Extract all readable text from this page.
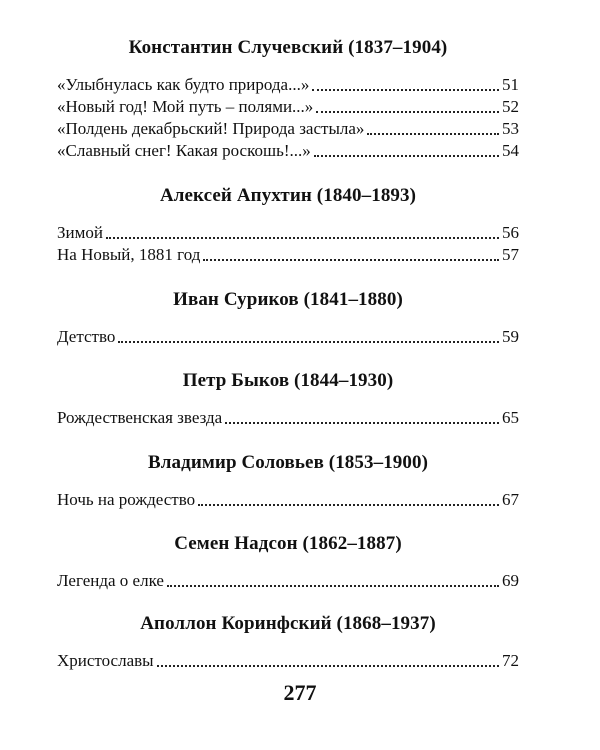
Константин Случевский (1837–1904)
«Улыбнулась как будто природа...»	51
«Новый год! Мой путь – полями...»	52
«Полдень декабрьский! Природа застыла»	53
«Славный снег! Какая роскошь!...»	54
Алексей Апухтин (1840–1893)
Зимой	56
На Новый, 1881 год	57
Иван Суриков (1841–1880)
Детство	59
Петр Быков (1844–1930)
Рождественская звезда	65
Владимир Соловьев (1853–1900)
Ночь на рождество	67
Семен Надсон (1862–1887)
Легенда о елке	69
Аполлон Коринфский (1868–1937)
Христославы	72
277
